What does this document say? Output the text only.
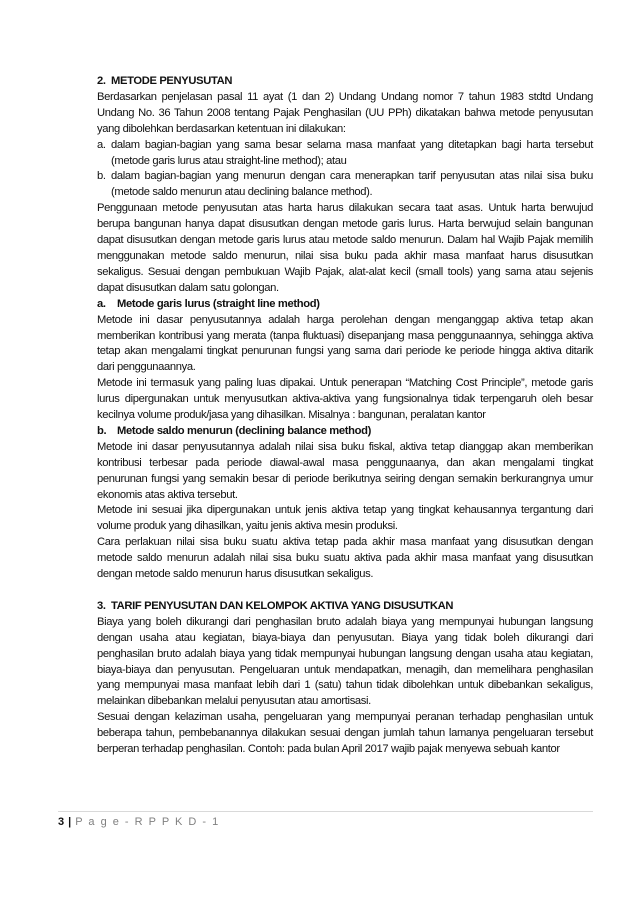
2. METODE PENYUSUTAN

Berdasarkan penjelasan pasal 11 ayat (1 dan 2) Undang Undang nomor 7 tahun 1983 stdtd Undang Undang No. 36 Tahun 2008 tentang Pajak Penghasilan (UU PPh) dikatakan bahwa metode penyusutan yang dibolehkan berdasarkan ketentuan ini dilakukan:

a. dalam bagian-bagian yang sama besar selama masa manfaat yang ditetapkan bagi harta tersebut (metode garis lurus atau straight-line method); atau
b. dalam bagian-bagian yang menurun dengan cara menerapkan tarif penyusutan atas nilai sisa buku (metode saldo menurun atau declining balance method).

Penggunaan metode penyusutan atas harta harus dilakukan secara taat asas. Untuk harta berwujud berupa bangunan hanya dapat disusutkan dengan metode garis lurus. Harta berwujud selain bangunan dapat disusutkan dengan metode garis lurus atau metode saldo menurun. Dalam hal Wajib Pajak memilih menggunakan metode saldo menurun, nilai sisa buku pada akhir masa manfaat harus disusutkan sekaligus. Sesuai dengan pembukuan Wajib Pajak, alat-alat kecil (small tools) yang sama atau sejenis dapat disusutkan dalam satu golongan.

a.	Metode garis lurus (straight line method)

Metode ini dasar penyusutannya adalah harga perolehan dengan menganggap aktiva tetap akan memberikan kontribusi yang merata (tanpa fluktuasi) disepanjang masa penggunaannya, sehingga aktiva tetap akan mengalami tingkat penurunan fungsi yang sama dari periode ke periode hingga aktiva ditarik dari penggunaannya.

Metode ini termasuk yang paling luas dipakai. Untuk penerapan “Matching Cost Principle”, metode garis lurus dipergunakan untuk menyusutkan aktiva-aktiva yang fungsionalnya tidak terpengaruh oleh besar kecilnya volume produk/jasa yang dihasilkan. Misalnya : bangunan, peralatan kantor

b. Metode saldo menurun (declining balance method)

Metode ini dasar penyusutannya adalah nilai sisa buku fiskal, aktiva tetap dianggap akan memberikan kontribusi terbesar pada periode diawal-awal masa penggunaanya, dan akan mengalami tingkat penurunan fungsi yang semakin besar di periode berikutnya seiring dengan semakin berkurangnya umur ekonomis atas aktiva tersebut.

Metode ini sesuai jika dipergunakan untuk jenis aktiva tetap yang tingkat kehausannya tergantung dari volume produk yang dihasilkan, yaitu jenis aktiva mesin produksi.

Cara perlakuan nilai sisa buku suatu aktiva tetap pada akhir masa manfaat yang disusutkan dengan metode saldo menurun adalah nilai sisa buku suatu aktiva pada akhir masa manfaat yang disusutkan dengan metode saldo menurun harus disusutkan sekaligus.

3. TARIF PENYUSUTAN DAN KELOMPOK AKTIVA YANG DISUSUTKAN

Biaya yang boleh dikurangi dari penghasilan bruto adalah biaya yang mempunyai hubungan langsung dengan usaha atau kegiatan, biaya-biaya dan penyusutan. Biaya yang tidak boleh dikurangi dari penghasilan bruto adalah biaya yang tidak mempunyai hubungan langsung dengan usaha atau kegiatan, biaya-biaya dan penyusutan. Pengeluaran untuk mendapatkan, menagih, dan memelihara penghasilan yang mempunyai masa manfaat lebih dari 1 (satu) tahun tidak dibolehkan untuk dibebankan sekaligus, melainkan dibebankan melalui penyusutan atau amortisasi.

Sesuai dengan kelaziman usaha, pengeluaran yang mempunyai peranan terhadap penghasilan untuk beberapa tahun, pembebanannya dilakukan sesuai dengan jumlah tahun lamanya pengeluaran tersebut berperan terhadap penghasilan. Contoh: pada bulan April 2017 wajib pajak menyewa sebuah kantor

3 | P a g e - R P P K D - 1
